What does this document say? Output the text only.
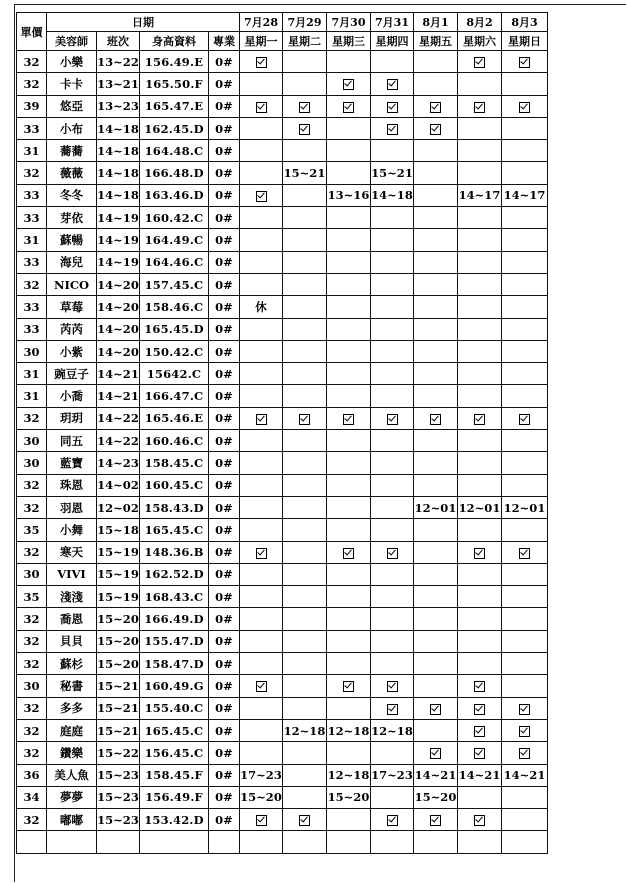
單價	日期				7月28	7月29	7月30	7月31	8月1	8月2	8月3
	美容師	班次	身高資料	專業	星期一	星期二	星期三	星期四	星期五	星期六	星期日
32	小樂	13~22	156.49.E	0#							
32	卡卡	13~21	165.50.F	0#							
39	悠亞	13~23	165.47.E	0#							
33	小布	14~18	162.45.D	0#							
31	蕎蕎	14~18	164.48.C	0#							
32	薇薇	14~18	166.48.D	0#		15~21		15~21			
33	冬冬	14~18	163.46.D	0#			13~16	14~18		14~17	14~17
33	芽依	14~19	160.42.C	0#							
31	蘇暢	14~19	164.49.C	0#							
33	海兒	14~19	164.46.C	0#							
32	NICO	14~20	157.45.C	0#							
33	草莓	14~20	158.46.C	0#	休						
33	芮芮	14~20	165.45.D	0#							
30	小紫	14~20	150.42.C	0#							
31	豌豆子	14~21	15642.C	0#							
31	小喬	14~21	166.47.C	0#							
32	玥玥	14~22	165.46.E	0#							
30	同五	14~22	160.46.C	0#							
30	藍寶	14~23	158.45.C	0#							
32	珠恩	14~02	160.45.C	0#							
32	羽恩	12~02	158.43.D	0#					12~01	12~01	12~01
35	小舞	15~18	165.45.C	0#							
32	寒天	15~19	148.36.B	0#							
30	VIVI	15~19	162.52.D	0#							
35	淺淺	15~19	168.43.C	0#							
32	喬恩	15~20	166.49.D	0#							
32	貝貝	15~20	155.47.D	0#							
32	蘇杉	15~20	158.47.D	0#							
30	秘書	15~21	160.49.G	0#							
32	多多	15~21	155.40.C	0#							
32	庭庭	15~21	165.45.C	0#		12~18	12~18	12~18			
32	鑽樂	15~22	156.45.C	0#							
36	美人魚	15~23	158.45.F	0#	17~23		12~18	17~23	14~21	14~21	14~21
34	夢夢	15~23	156.49.F	0#	15~20		15~20		15~20		
32	嘟嘟	15~23	153.42.D	0#							
